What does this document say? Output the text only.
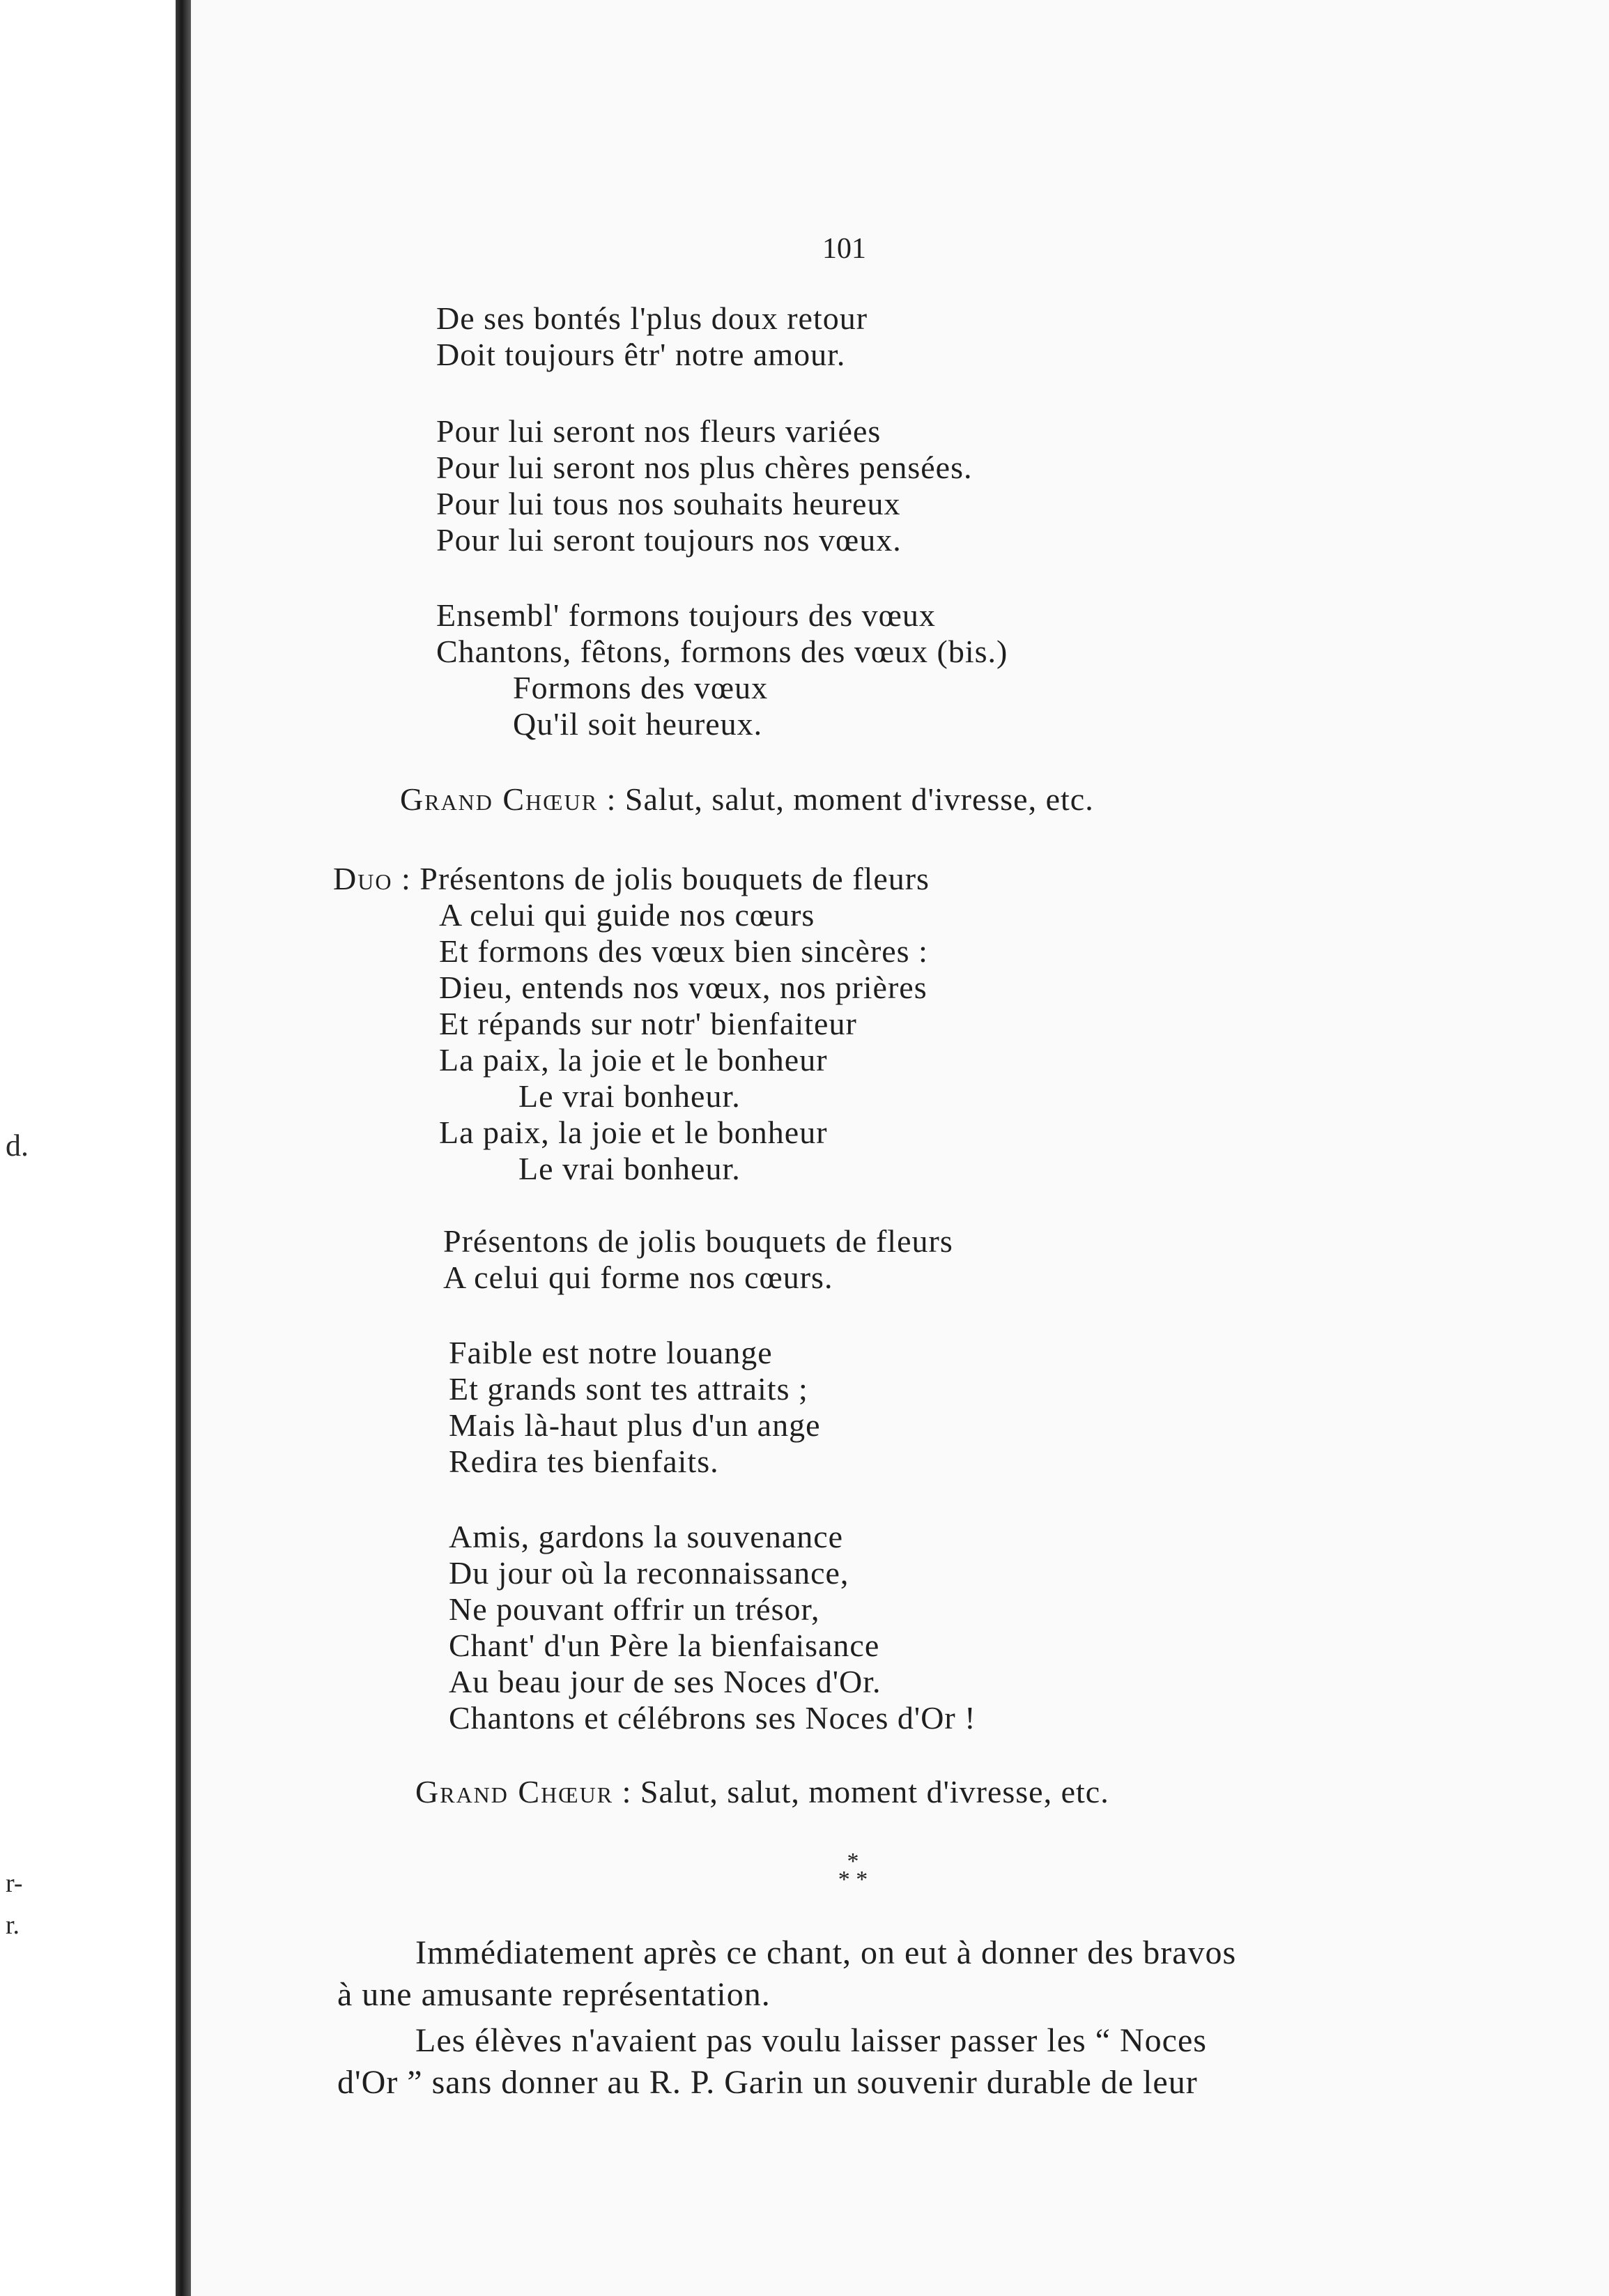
d.
r-
r.
101
De ses bontés l'plus doux retour
Doit toujours êtr' notre amour.
Pour lui seront nos fleurs variées
Pour lui seront nos plus chères pensées.
Pour lui tous nos souhaits heureux
Pour lui seront toujours nos vœux.
Ensembl' formons toujours des vœux
Chantons, fêtons, formons des vœux (bis.)
Formons des vœux
Qu'il soit heureux.
Grand Chœur : Salut, salut, moment d'ivresse, etc.
Duo : Présentons de jolis bouquets de fleurs
A celui qui guide nos cœurs
Et formons des vœux bien sincères :
Dieu, entends nos vœux, nos prières
Et répands sur notr' bienfaiteur
La paix, la joie et le bonheur
Le vrai bonheur.
La paix, la joie et le bonheur
Le vrai bonheur.
Présentons de jolis bouquets de fleurs
A celui qui forme nos cœurs.
Faible est notre louange
Et grands sont tes attraits ;
Mais là-haut plus d'un ange
Redira tes bienfaits.
Amis, gardons la souvenance
Du jour où la reconnaissance,
Ne pouvant offrir un trésor,
Chant' d'un Père la bienfaisance
Au beau jour de ses Noces d'Or.
Chantons et célébrons ses Noces d'Or !
Grand Chœur : Salut, salut, moment d'ivresse, etc.
*
* *
Immédiatement après ce chant, on eut à donner des bravos
à une amusante représentation.
Les élèves n'avaient pas voulu laisser passer les “ Noces
d'Or ” sans donner au R. P. Garin un souvenir durable de leur
